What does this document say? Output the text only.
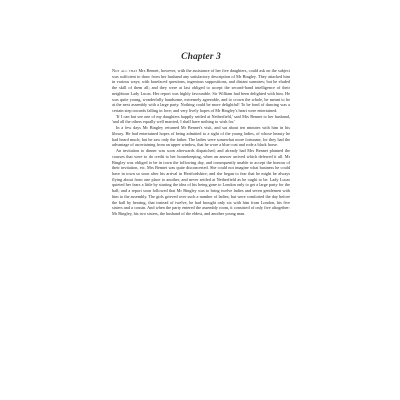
Chapter 3

Not all that Mrs Bennet, however, with the assistance of her five daughters, could ask on the subject was sufficient to draw from her husband any satisfactory description of Mr Bingley. They attacked him in various ways; with barefaced questions, ingenious suppositions, and distant surmises; but he eluded the skill of them all; and they were at last obliged to accept the second-hand intelligence of their neighbour Lady Lucas. Her report was highly favourable. Sir William had been delighted with him. He was quite young, wonderfully handsome, extremely agreeable, and to crown the whole, he meant to be at the next assembly with a large party. Nothing could be more delightful! To be fond of dancing was a certain step towards falling in love; and very lively hopes of Mr Bingley's heart were entertained.

'If I can but see one of my daughters happily settled at Netherfield,' said Mrs Bennet to her husband, 'and all the others equally well married, I shall have nothing to wish for.'

In a few days Mr Bingley returned Mr Bennet's visit, and sat about ten minutes with him in his library. He had entertained hopes of being admitted to a sight of the young ladies, of whose beauty he had heard much; but he saw only the father. The ladies were somewhat more fortunate, for they had the advantage of ascertaining from an upper window, that he wore a blue coat and rode a black horse.

An invitation to dinner was soon afterwards dispatched; and already had Mrs Bennet planned the courses that were to do credit to her housekeeping, when an answer arrived which deferred it all. Mr Bingley was obliged to be in town the following day, and consequently unable to accept the honour of their invitation, etc. Mrs Bennet was quite disconcerted. She could not imagine what business he could have in town so soon after his arrival in Hertfordshire; and she began to fear that he might be always flying about from one place to another, and never settled at Netherfield as he ought to be. Lady Lucas quieted her fears a little by starting the idea of his being gone to London only to get a large party for the ball; and a report soon followed that Mr Bingley was to bring twelve ladies and seven gentlemen with him to the assembly. The girls grieved over such a number of ladies; but were comforted the day before the ball by hearing, that instead of twelve, he had brought only six with him from London, his five sisters and a cousin. And when the party entered the assembly room, it consisted of only five altogether: Mr Bingley, his two sisters, the husband of the eldest, and another young man.
